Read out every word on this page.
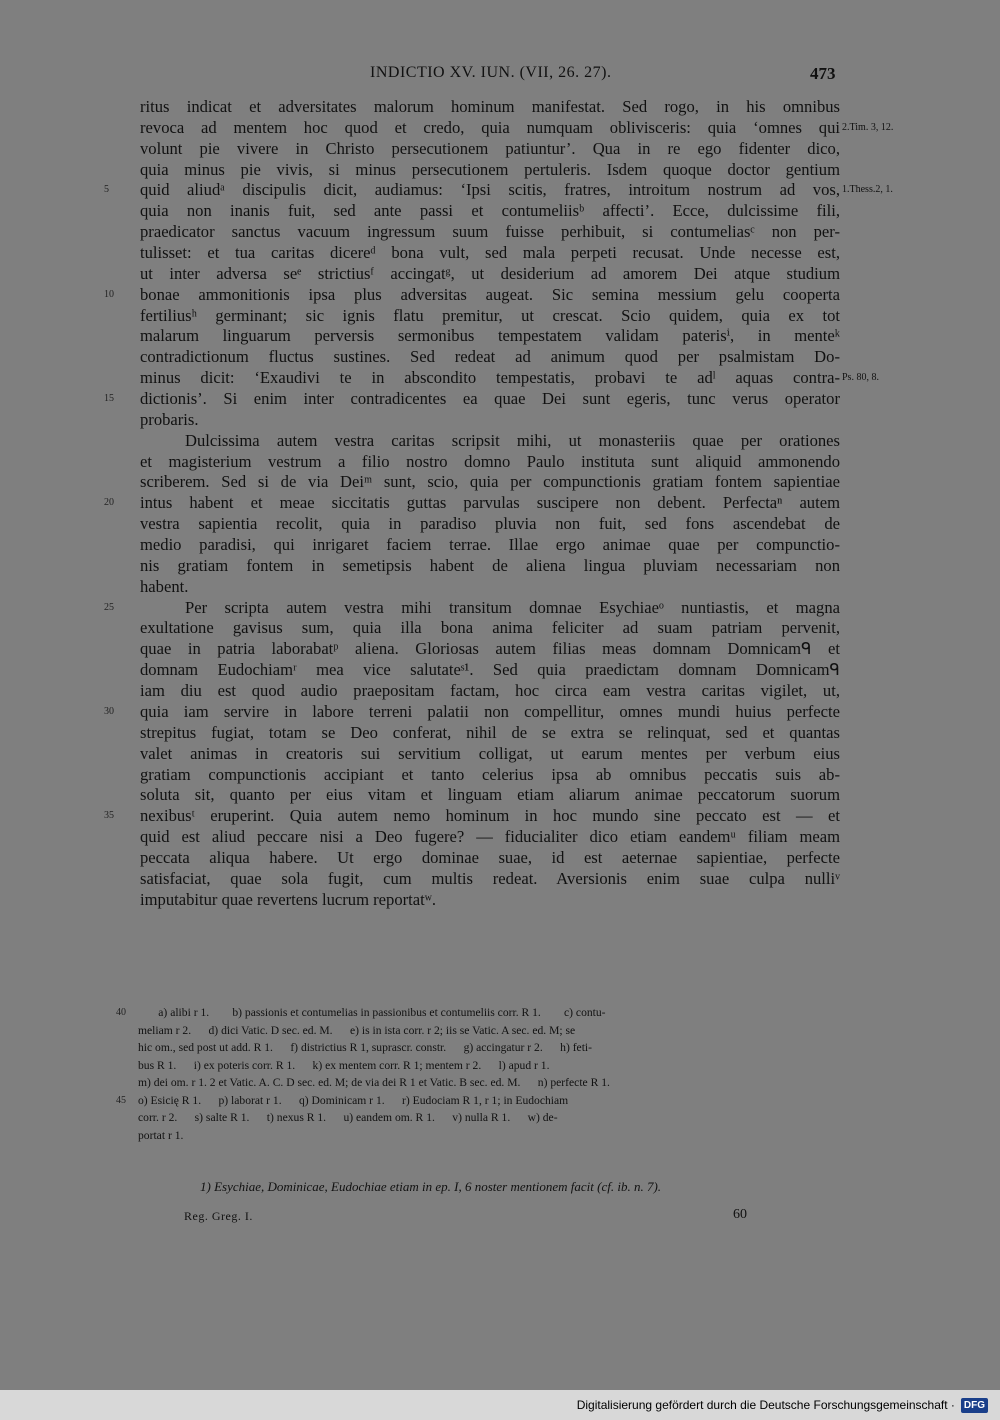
INDICTIO XV. IUN. (VII, 26. 27).	473
ritus indicat et adversitates malorum hominum manifestat. Sed rogo, in his omnibus
revoca ad mentem hoc quod et credo, quia numquam oblivisceris: quia ‘omnes qui 2.Tim. 3, 12.
volunt pie vivere in Christo persecutionem patiuntur’. Qua in re ego fidenter dico,
quia minus pie vivis, si minus persecutionem pertuleris. Isdem quoque doctor gentium
5	quid aliudᵃ discipulis dicit, audiamus: ‘Ipsi scitis, fratres, introitum nostrum ad vos, 1.Thess.2, 1.
quia non inanis fuit, sed ante passi et contumeliisᵇ affecti’. Ecce, dulcissime fili,
praedicator sanctus vacuum ingressum suum fuisse perhibuit, si contumeliasᶜ non per-
tulisset: et tua caritas dicereᵈ bona vult, sed mala perpeti recusat. Unde necesse est,
ut inter adversa seᵉ strictiusᶠ accingatᵍ, ut desiderium ad amorem Dei atque studium
10	bonae ammonitionis ipsa plus adversitas augeat. Sic semina messium gelu cooperta
fertiliusʰ germinant; sic ignis flatu premitur, ut crescat. Scio quidem, quia ex tot
malarum linguarum perversis sermonibus tempestatem validam paterisⁱ, in menteᵏ
contradictionum fluctus sustines. Sed redeat ad animum quod per psalmistam Do-
minus dicit: ‘Exaudivi te in abscondito tempestatis, probavi te adˡ aquas contra- Ps. 80, 8.
15	dictionis’. Si enim inter contradicentes ea quae Dei sunt egeris, tunc verus operator
probaris.
Dulcissima autem vestra caritas scripsit mihi, ut monasteriis quae per orationes
et magisterium vestrum a filio nostro domno Paulo instituta sunt aliquid ammonendo
scriberem. Sed si de via Deiᵐ sunt, scio, quia per compunctionis gratiam fontem sapientiae
20	intus habent et meae siccitatis guttas parvulas suscipere non debent. Perfectaⁿ autem
vestra sapientia recolit, quia in paradiso pluvia non fuit, sed fons ascendebat de
medio paradisi, qui inrigaret faciem terrae. Illae ergo animae quae per compunctio-
nis gratiam fontem in semetipsis habent de aliena lingua pluviam necessariam non
habent.
25	Per scripta autem vestra mihi transitum domnae Esychiaeᵒ nuntiastis, et magna
exultatione gavisus sum, quia illa bona anima feliciter ad suam patriam pervenit,
quae in patria laborabatᵖ aliena. Gloriosas autem filias meas domnam Domnicamᑫ et
domnam Eudochiamʳ mea vice salutateˢ¹. Sed quia praedictam domnam Domnicamᑫ
iam diu est quod audio praepositam factam, hoc circa eam vestra caritas vigilet, ut,
30	quia iam servire in labore terreni palatii non compellitur, omnes mundi huius perfecte
strepitus fugiat, totam se Deo conferat, nihil de se extra se relinquat, sed et quantas
valet animas in creatoris sui servitium colligat, ut earum mentes per verbum eius
gratiam compunctionis accipiant et tanto celerius ipsa ab omnibus peccatis suis ab-
soluta sit, quanto per eius vitam et linguam etiam aliarum animae peccatorum suorum
35	nexibusᵗ eruperint. Quia autem nemo hominum in hoc mundo sine peccato est — et
quid est aliud peccare nisi a Deo fugere? — fiducialiter dico etiam eandemᵘ filiam meam
peccata aliqua habere. Ut ergo dominae suae, id est aeternae sapientiae, perfecte
satisfaciat, quae sola fugit, cum multis redeat. Aversionis enim suae culpa nulliᵛ
imputabitur quae revertens lucrum reportatʷ.
40 a) alibi r 1.        b) passionis et contumelias in passionibus et contumeliis corr. R 1.        c) contu-
meliam r 2.      d) dici Vatic. D sec. ed. M.      e) is in ista corr. r 2; iis se Vatic. A sec. ed. M; se
hic om., sed post ut add. R 1.      f) districtius R 1, suprascr. constr.      g) accingatur r 2.      h) feti-
bus R 1.      i) ex poteris corr. R 1.      k) ex mentem corr. R 1; mentem r 2.      l) apud r 1.
m) dei om. r 1. 2 et Vatic. A. C. D sec. ed. M; de via dei R 1 et Vatic. B sec. ed. M.      n) perfecte R 1.
45 o) Esicię R 1.      p) laborat r 1.      q) Dominicam r 1.      r) Eudociam R 1, r 1; in Eudochiam
corr. r 2.      s) salte R 1.      t) nexus R 1.      u) eandem om. R 1.      v) nulla R 1.      w) de-
portat r 1.
1) Esychiae, Dominicae, Eudochiae etiam in ep. I, 6 noster mentionem facit (cf. ib. n. 7).
Reg. Greg. I.	60
Digitalisierung gefördert durch die Deutsche Forschungsgemeinschaft · DFG
